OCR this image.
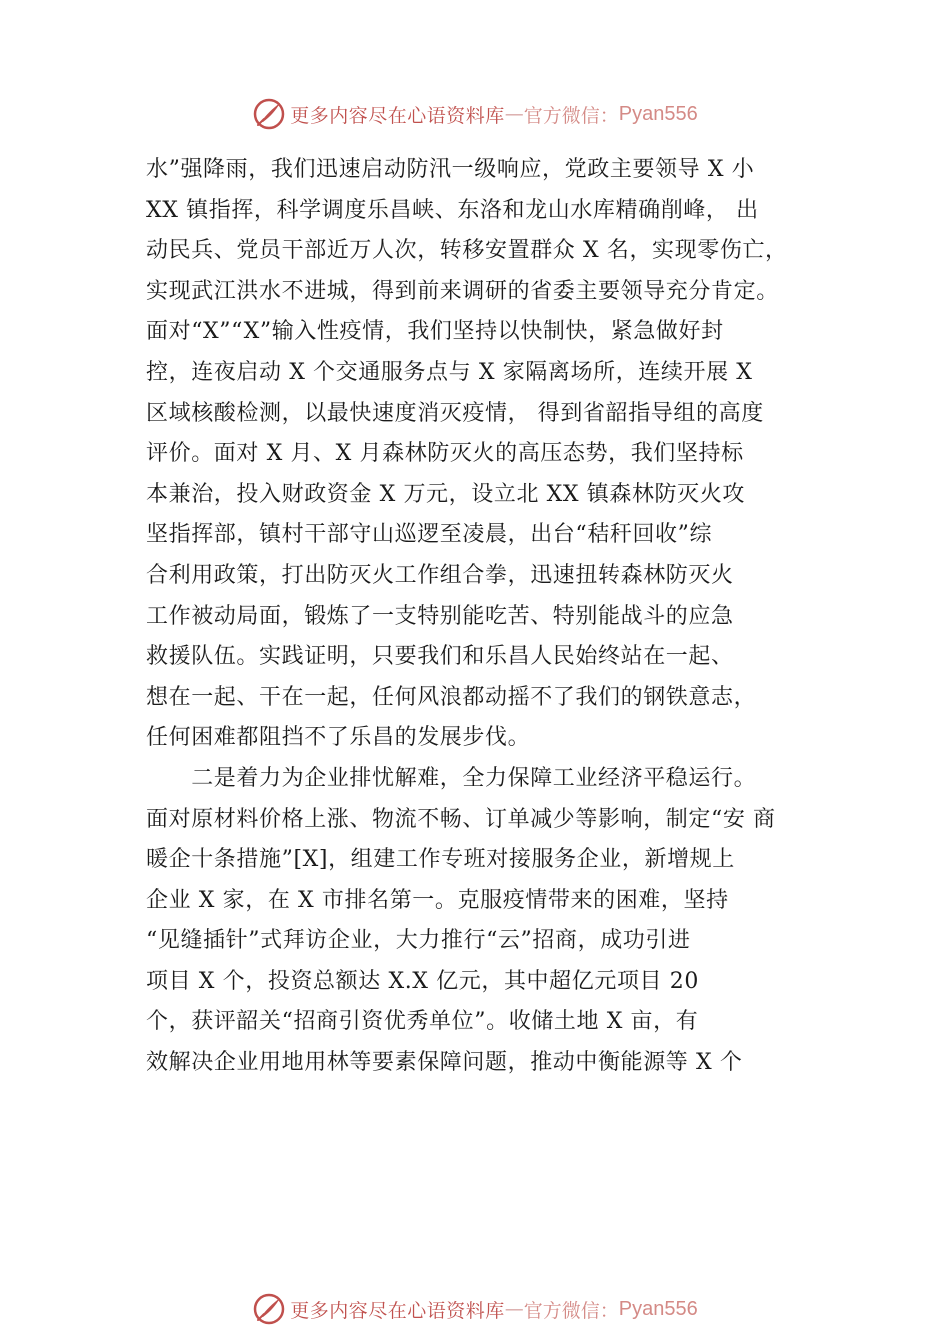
更多内容尽在心语资料库 — 官方微信： Pyan556
水”强降雨，我们迅速启动防汛一级响应，党政主要领导 X 小
XX 镇指挥，科学调度乐昌峡、东洛和龙山水库精确削峰， 出
动民兵、党员干部近万人次，转移安置群众 X 名，实现零伤亡，
实现武江洪水不进城，得到前来调研的省委主要领导充分肯定。
面对“X”“X”输入性疫情，我们坚持以快制快，紧急做好封
控，连夜启动 X 个交通服务点与 X 家隔离场所，连续开展 X
区域核酸检测，以最快速度消灭疫情， 得到省韶指导组的高度
评价。面对 X 月、X 月森林防灭火的高压态势，我们坚持标
本兼治，投入财政资金 X 万元，设立北 XX 镇森林防灭火攻
坚指挥部，镇村干部守山巡逻至凌晨，出台“秸秆回收”综
合利用政策，打出防灭火工作组合拳，迅速扭转森林防灭火
工作被动局面，锻炼了一支特别能吃苦、特别能战斗的应急
救援队伍。实践证明，只要我们和乐昌人民始终站在一起、
想在一起、干在一起，任何风浪都动摇不了我们的钢铁意志，
任何困难都阻挡不了乐昌的发展步伐。
　　二是着力为企业排忧解难，全力保障工业经济平稳运行。
面对原材料价格上涨、物流不畅、订单减少等影响，制定“安 商
暖企十条措施”[X]，组建工作专班对接服务企业，新增规上
企业 X 家，在 X 市排名第一。克服疫情带来的困难，坚持
“见缝插针”式拜访企业，大力推行“云”招商，成功引进
项目 X 个，投资总额达 X.X 亿元，其中超亿元项目 20
个，获评韶关“招商引资优秀单位”。收储土地 X 亩，有
效解决企业用地用林等要素保障问题，推动中衡能源等 X 个
更多内容尽在心语资料库 — 官方微信： Pyan556
